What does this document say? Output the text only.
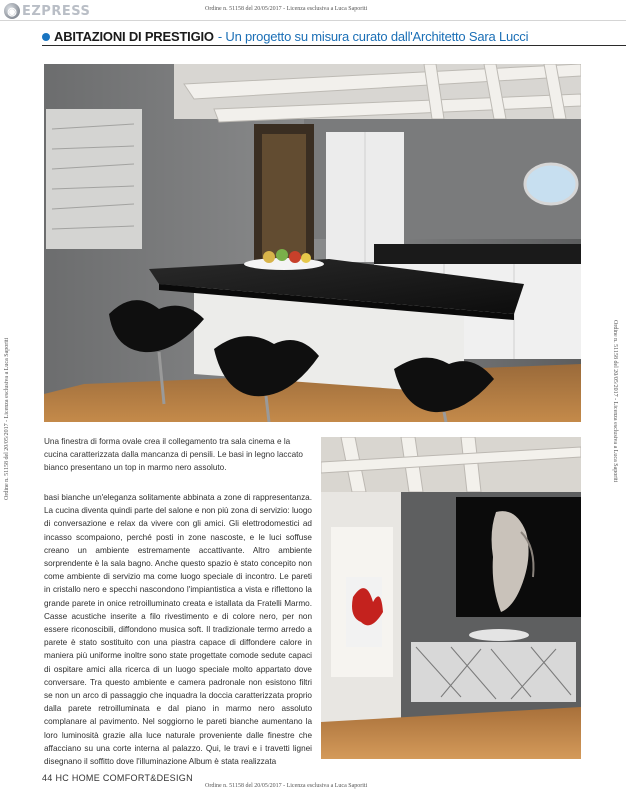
◉ EZPRESS	Ordine n. 51158 del 20/05/2017 - Licenza esclusiva a Luca Saporiti
ABITAZIONI DI PRESTIGIO - Un progetto su misura curato dall'Architetto Sara Lucci

Una finestra di forma ovale crea il collegamento tra sala cinema e la cucina caratterizzata dalla mancanza di pensili. Le basi in legno laccato bianco presentano un top in marmo nero assoluto.

basi bianche un'eleganza solitamente abbinata a zone di rappresentanza. La cucina diventa quindi parte del salone e non più zona di servizio: luogo di conversazione e relax da vivere con gli amici. Gli elettrodomestici ad incasso scompaiono, perché posti in zone nascoste, e le luci soffuse creano un ambiente estremamente accattivante. Altro ambiente sorprendente è la sala bagno. Anche questo spazio è stato concepito non come ambiente di servizio ma come luogo speciale di incontro. Le pareti in cristallo nero e specchi nascondono l'impiantistica a vista e riflettono la grande parete in onice retroilluminato creata e istallata da Fratelli Marmo. Casse acustiche inserite a filo rivestimento e di colore nero, per non essere riconoscibili, diffondono musica soft. Il tradizionale termo arredo a parete è stato sostituito con una piastra capace di diffondere calore in maniera più uniforme inoltre sono state progettate comode sedute capaci di ospitare amici alla ricerca di un luogo speciale molto appartato dove conversare. Tra questo ambiente e camera padronale non esistono filtri se non un arco di passaggio che inquadra la doccia caratterizzata proprio dalla parete retroilluminata e dal piano in marmo nero assoluto complanare al pavimento. Nel soggiorno le pareti bianche aumentano la loro luminosità grazie alla luce naturale proveniente dalle finestre che affacciano su una corte interna al palazzo. Qui, le travi e i travetti lignei disegnano il soffitto dove l'illuminazione Album è stata realizzata

Ordine n. 51158 del 20/05/2017 - Licenza esclusiva a Luca Saporiti	Ordine n. 51158 del 20/05/2017 - Licenza esclusiva a Luca Saporiti
44 HC HOME COMFORT&DESIGN
Ordine n. 51158 del 20/05/2017 - Licenza esclusiva a Luca Saporiti
